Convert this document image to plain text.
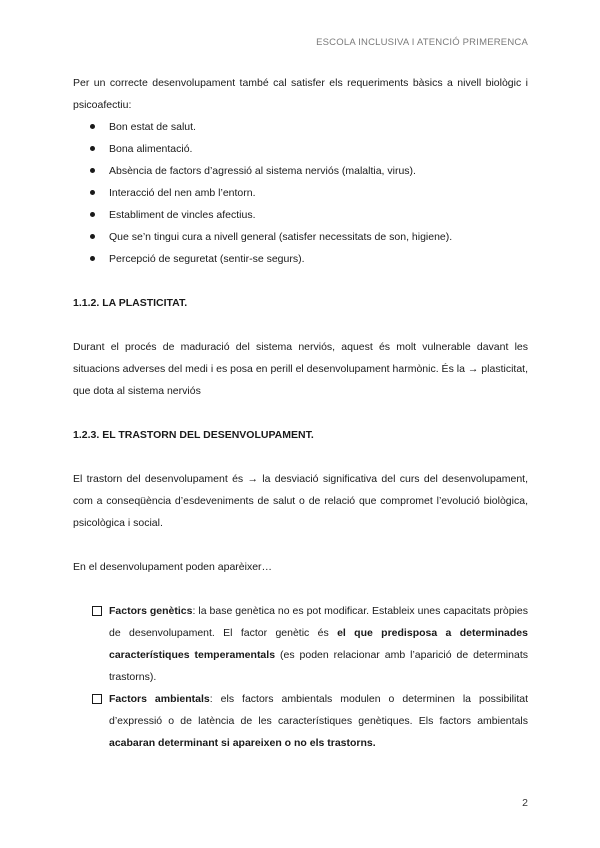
ESCOLA INCLUSIVA I ATENCIÓ PRIMERENCA

Per un correcte desenvolupament també cal satisfer els requeriments bàsics a nivell biològic i psicoafectiu:

Bon estat de salut.
Bona alimentació.
Absència de factors d’agressió al sistema nerviós (malaltia, virus).
Interacció del nen amb l’entorn.
Establiment de vincles afectius.
Que se’n tingui cura a nivell general (satisfer necessitats de son, higiene).
Percepció de seguretat (sentir-se segurs).
1.1.2. LA PLASTICITAT.

Durant el procés de maduració del sistema nerviós, aquest és molt vulnerable davant les situacions adverses del medi i es posa en perill el desenvolupament harmònic. És la → plasticitat, que dota al sistema nerviós

1.2.3. EL TRASTORN DEL DESENVOLUPAMENT.

El trastorn del desenvolupament és → la desviació significativa del curs del desenvolupament, com a conseqüència d’esdeveniments de salut o de relació que compromet l’evolució biològica, psicològica i social.

En el desenvolupament poden aparèixer…

Factors genètics: la base genètica no es pot modificar. Estableix unes capacitats pròpies de desenvolupament. El factor genètic és el que predisposa a determinades característiques temperamentals (es poden relacionar amb l’aparició de determinats trastorns).
Factors ambientals: els factors ambientals modulen o determinen la possibilitat d’expressió o de latència de les característiques genètiques. Els factors ambientals acabaran determinant si apareixen o no els trastorns.
2
